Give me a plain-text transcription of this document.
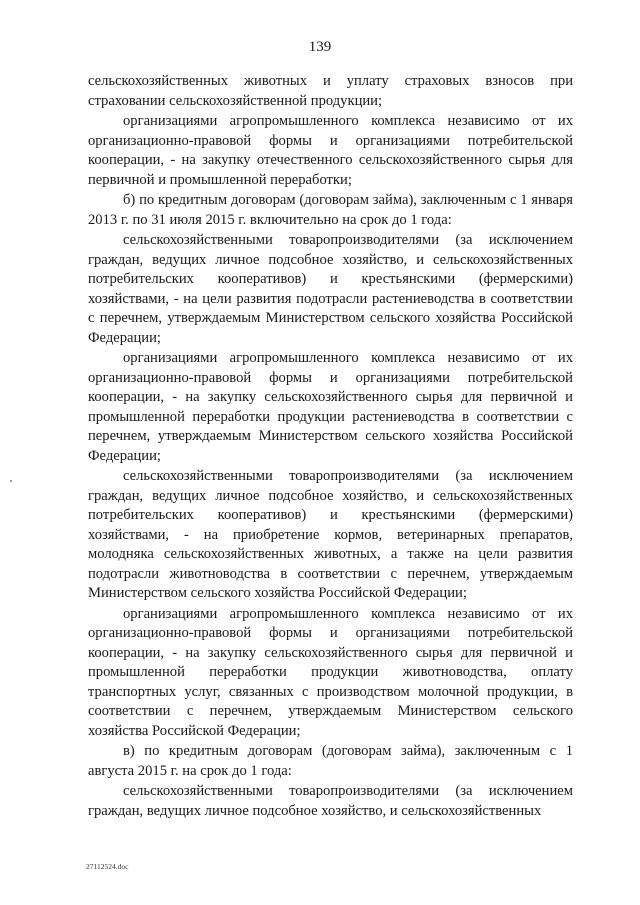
139

сельскохозяйственных животных и уплату страховых взносов при страховании сельскохозяйственной продукции;

организациями агропромышленного комплекса независимо от их организационно-правовой формы и организациями потребительской кооперации, - на закупку отечественного сельскохозяйственного сырья для первичной и промышленной переработки;

б) по кредитным договорам (договорам займа), заключенным с 1 января 2013 г. по 31 июля 2015 г. включительно на срок до 1 года:

сельскохозяйственными товаропроизводителями (за исключением граждан, ведущих личное подсобное хозяйство, и сельскохозяйственных потребительских кооперативов) и крестьянскими (фермерскими) хозяйствами, - на цели развития подотрасли растениеводства в соответствии с перечнем, утверждаемым Министерством сельского хозяйства Российской Федерации;

организациями агропромышленного комплекса независимо от их организационно-правовой формы и организациями потребительской кооперации, - на закупку сельскохозяйственного сырья для первичной и промышленной переработки продукции растениеводства в соответствии с перечнем, утверждаемым Министерством сельского хозяйства Российской Федерации;

сельскохозяйственными товаропроизводителями (за исключением граждан, ведущих личное подсобное хозяйство, и сельскохозяйственных потребительских кооперативов) и крестьянскими (фермерскими) хозяйствами, - на приобретение кормов, ветеринарных препаратов, молодняка сельскохозяйственных животных, а также на цели развития подотрасли животноводства в соответствии с перечнем, утверждаемым Министерством сельского хозяйства Российской Федерации;

организациями агропромышленного комплекса независимо от их организационно-правовой формы и организациями потребительской кооперации, - на закупку сельскохозяйственного сырья для первичной и промышленной переработки продукции животноводства, оплату транспортных услуг, связанных с производством молочной продукции, в соответствии с перечнем, утверждаемым Министерством сельского хозяйства Российской Федерации;

в) по кредитным договорам (договорам займа), заключенным с 1 августа 2015 г. на срок до 1 года:

сельскохозяйственными товаропроизводителями (за исключением граждан, ведущих личное подсобное хозяйство, и сельскохозяйственных

27112524.doc
